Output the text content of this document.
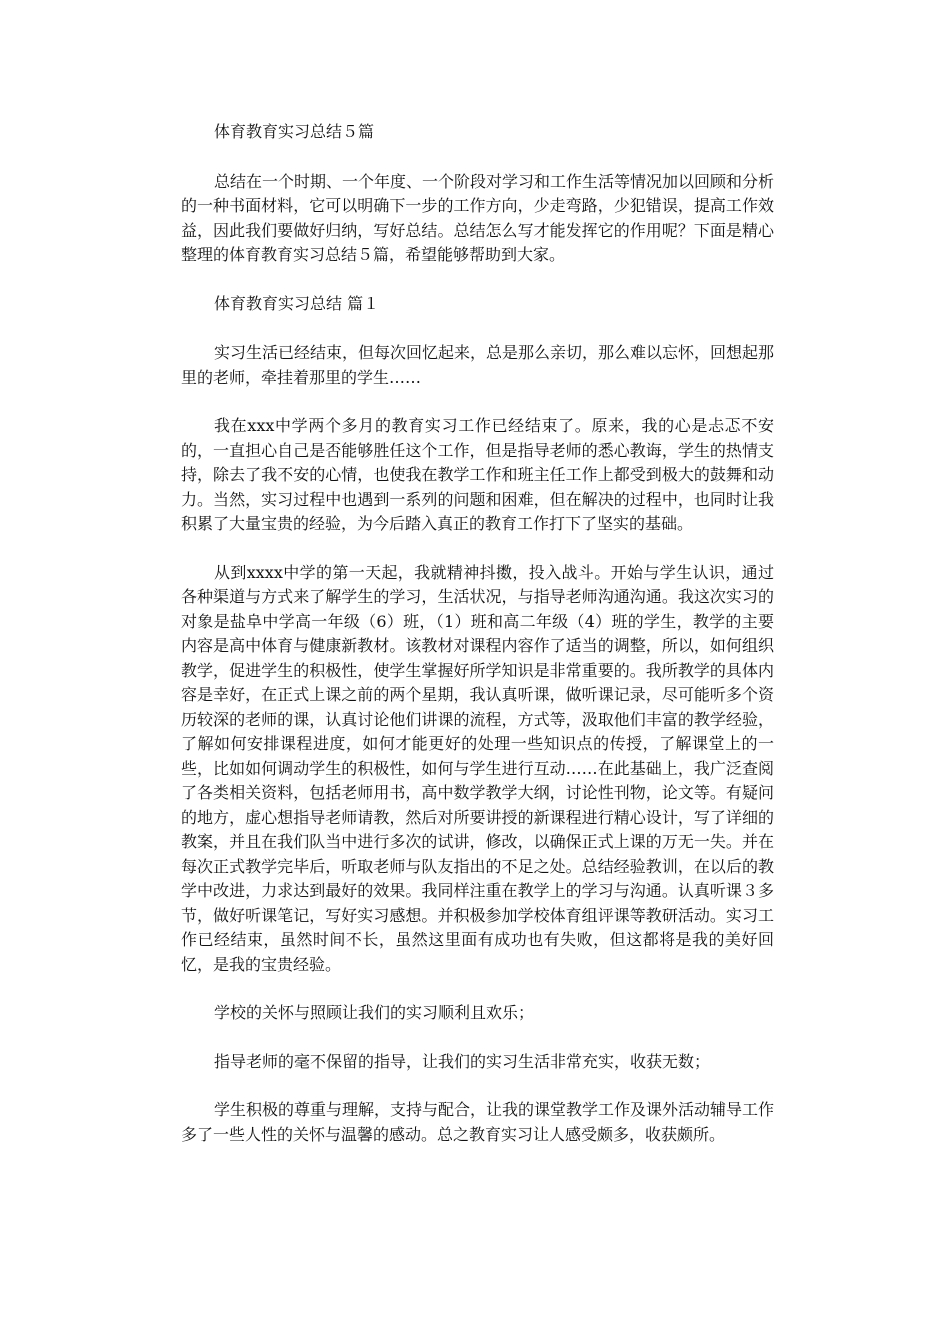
体育教育实习总结５篇

总结在一个时期、一个年度、一个阶段对学习和工作生活等情况加以回顾和分析的一种书面材料，它可以明确下一步的工作方向，少走弯路，少犯错误，提高工作效益，因此我们要做好归纳，写好总结。总结怎么写才能发挥它的作用呢？下面是精心整理的体育教育实习总结５篇，希望能够帮助到大家。

体育教育实习总结 篇１

实习生活已经结束，但每次回忆起来，总是那么亲切，那么难以忘怀，回想起那里的老师，牵挂着那里的学生……

我在xxx中学两个多月的教育实习工作已经结束了。原来，我的心是忐忑不安的，一直担心自己是否能够胜任这个工作，但是指导老师的悉心教诲，学生的热情支持，除去了我不安的心情，也使我在教学工作和班主任工作上都受到极大的鼓舞和动力。当然，实习过程中也遇到一系列的问题和困难，但在解决的过程中，也同时让我积累了大量宝贵的经验，为今后踏入真正的教育工作打下了坚实的基础。

从到xxxx中学的第一天起，我就精神抖擞，投入战斗。开始与学生认识，通过各种渠道与方式来了解学生的学习，生活状况，与指导老师沟通沟通。我这次实习的对象是盐阜中学高一年级（6）班，（1）班和高二年级（4）班的学生，教学的主要内容是高中体育与健康新教材。该教材对课程内容作了适当的调整，所以，如何组织教学，促进学生的积极性，使学生掌握好所学知识是非常重要的。我所教学的具体内容是幸好，在正式上课之前的两个星期，我认真听课，做听课记录，尽可能听多个资历较深的老师的课，认真讨论他们讲课的流程，方式等，汲取他们丰富的教学经验，了解如何安排课程进度，如何才能更好的处理一些知识点的传授，了解课堂上的一些，比如如何调动学生的积极性，如何与学生进行互动……在此基础上，我广泛查阅了各类相关资料，包括老师用书，高中数学教学大纲，讨论性刊物，论文等。有疑问的地方，虚心想指导老师请教，然后对所要讲授的新课程进行精心设计，写了详细的教案，并且在我们队当中进行多次的试讲，修改，以确保正式上课的万无一失。并在每次正式教学完毕后，听取老师与队友指出的不足之处。总结经验教训，在以后的教学中改进，力求达到最好的效果。我同样注重在教学上的学习与沟通。认真听课３多节，做好听课笔记，写好实习感想。并积极参加学校体育组评课等教研活动。实习工作已经结束，虽然时间不长，虽然这里面有成功也有失败，但这都将是我的美好回忆，是我的宝贵经验。

学校的关怀与照顾让我们的实习顺利且欢乐；

指导老师的毫不保留的指导，让我们的实习生活非常充实，收获无数；

学生积极的尊重与理解，支持与配合，让我的课堂教学工作及课外活动辅导工作多了一些人性的关怀与温馨的感动。总之教育实习让人感受颇多，收获颇所。
